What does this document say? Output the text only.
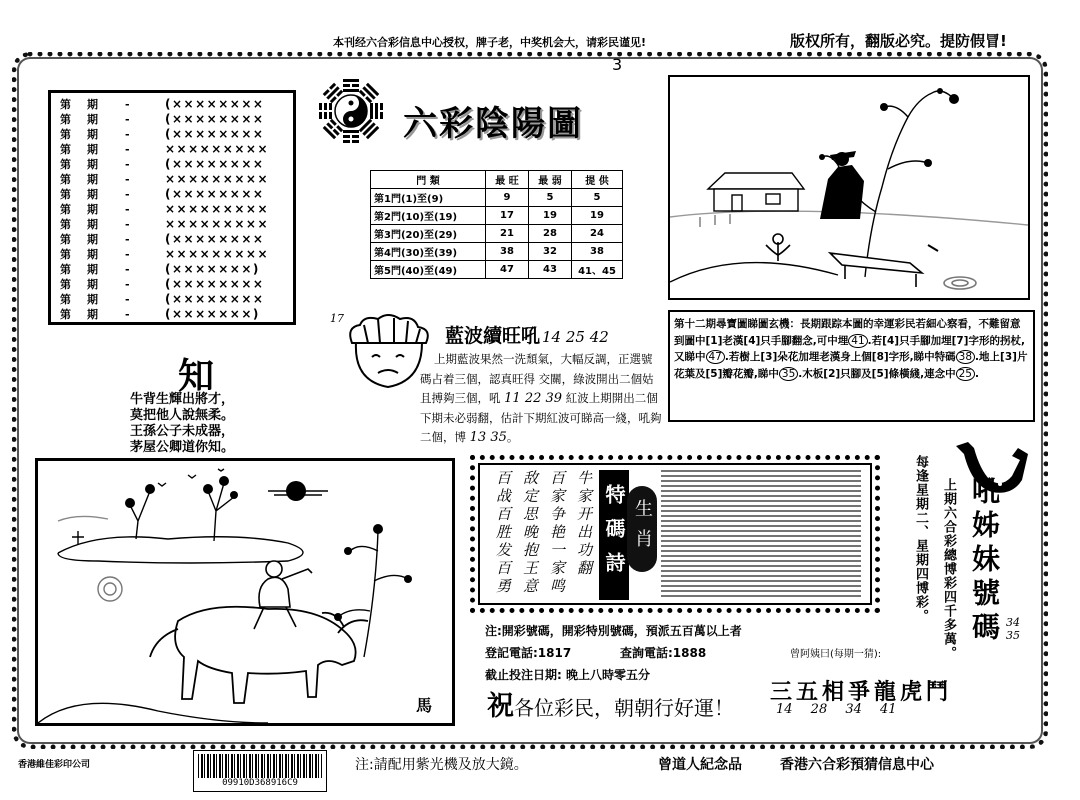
本刊经六合彩信息中心授权，牌子老，中奖机会大，请彩民谨见!	版权所有，翻版必究。提防假冒!
3
第 期 -	(××××××××
第 期 -	(××××××××
第 期 -	(××××××××
第 期 -	×××××××××
第 期 -	(××××××××
第 期 -	×××××××××
第 期 -	(××××××××
第 期 -	×××××××××
第 期 -	×××××××××
第 期 -	(××××××××
第 期 -	×××××××××
第 期 -	(×××××××)
第 期 -	(××××××××
第 期 -	(××××××××
第 期 -	(×××××××)
六彩陰陽圖
門 類	最 旺	最 弱	提 供
第1門(1)至(9)	9	5	5
第2門(10)至(19)	17	19	19
第3門(20)至(29)	21	28	24
第4門(30)至(39)	38	32	38
第5門(40)至(49)	47	43	41、45
17
藍波續旺吼 14 25 42
上期藍波果然一洗頹氣，大幅反調，正選號碼占着三個，認真旺得 交關，綠波開出二個姑且搏夠三個，吼 11 22 39 紅波上期開出二個下期未必弱翻，估計下期紅波可睇高一綫，吼夠二個，博 13 35。
第十二期尋寶圖睇圖玄機：長期跟踪本圖的幸運彩民若細心察看，不難留意到圖中[1]老漢[4]只手腳翻念,可中埋 41 .若[4]只手腳加埋[7]字形的拐杖,又睇中 47 .若樹上[3]朵花加埋老漢身上個[8]字形,睇中特碼 38 .地上[3]片花葉及[5]瓣花瓣,睇中 35 .木板[2]只腳及[5]條橫綫,連念中 25 .
知
牛背生輝出將才，
莫把他人說無柔。
王孫公子未成器，
茅屋公卿道你知。
馬
牛家开出功翻
百家争艳一家鸣
敌定思晚抱王意
百战百胜发百勇	特碼詩 生肖	每逢星期二、星期四博彩。 上期六合彩總博彩四千多萬。 吼姊妹號碼 34
35
注:開彩號碼，開彩特別號碼，預派五百萬以上者
登記電話:1817	查詢電話:1888	曾阿姨曰(每期一猜):
截止投注日期: 晚上八時零五分
祝各位彩民，朝朝行好運！
三五相爭龍虎鬥
14 28 34 41
香港維佳彩印公司
09910D368916C9
注:請配用紫光機及放大鏡。	曾道人紀念品	香港六合彩預猜信息中心
